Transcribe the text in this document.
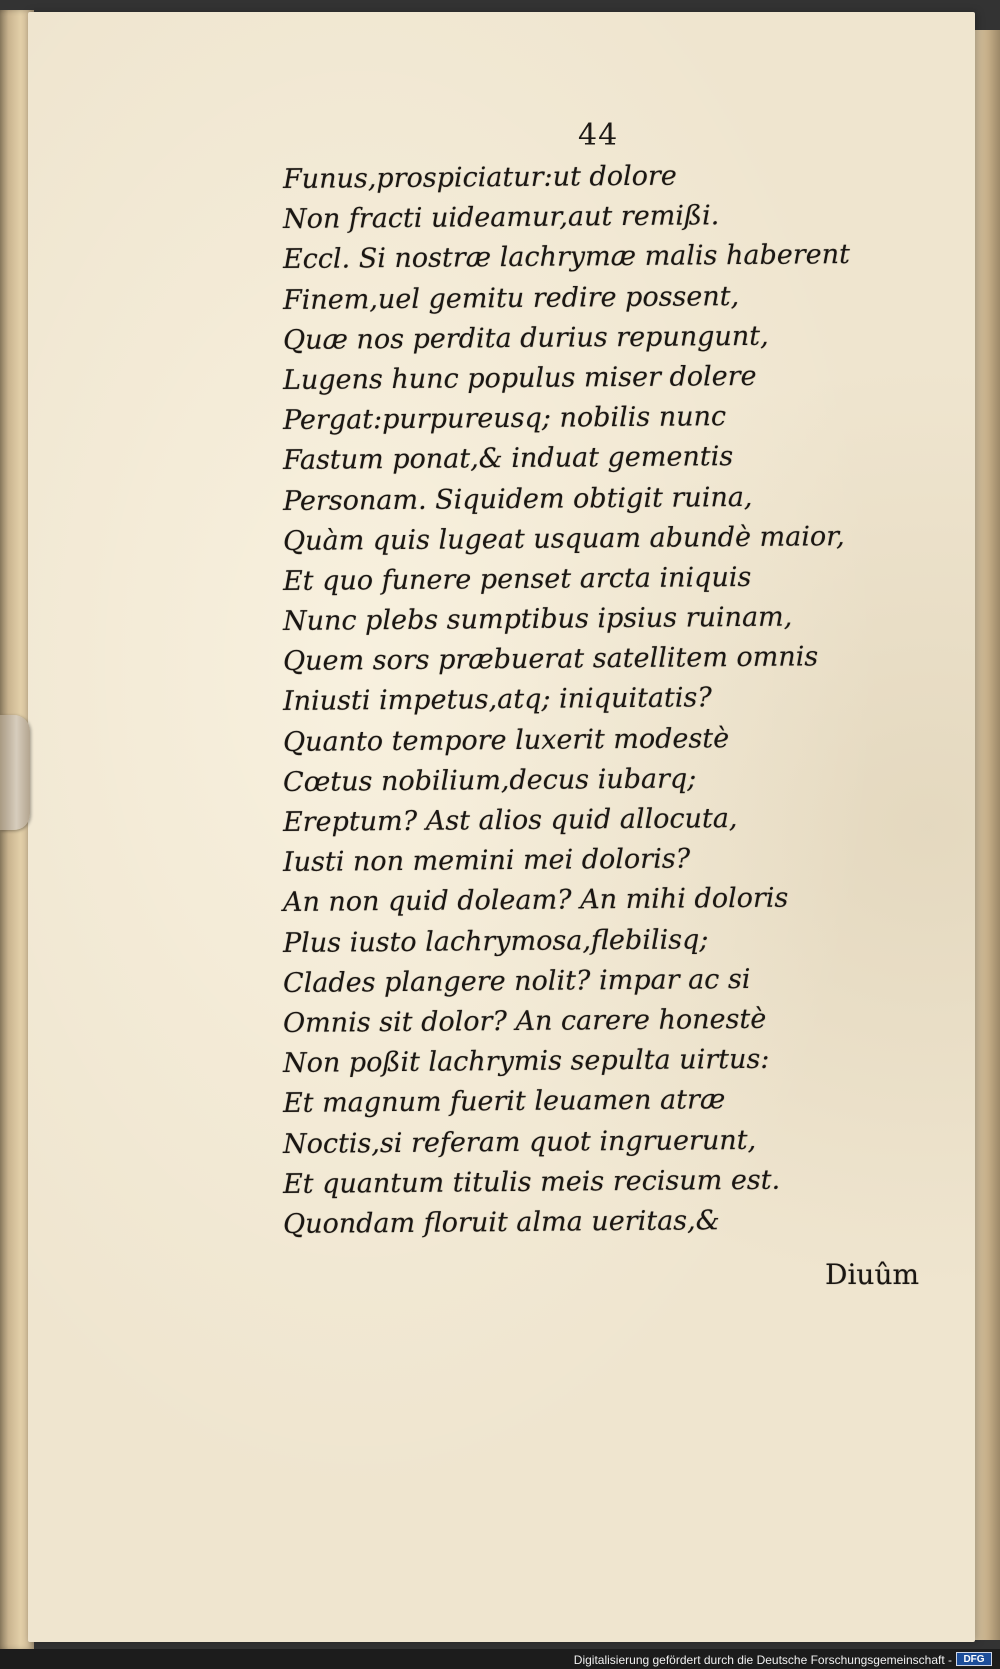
44
Funus,prospiciatur:ut dolore
Non fracti uideamur,aut remißi.
Eccl. Si nostræ lachrymæ malis haberent
Finem,uel gemitu redire possent,
Quæ nos perdita durius repungunt,
Lugens hunc populus miser dolere
Pergat:purpureusq; nobilis nunc
Fastum ponat,& induat gementis
Personam. Siquidem obtigit ruina,
Quàm quis lugeat usquam abundè maior,
Et quo funere penset arcta iniquis
Nunc plebs sumptibus ipsius ruinam,
Quem sors præbuerat satellitem omnis
Iniusti impetus,atq; iniquitatis?
Quanto tempore luxerit modestè
Cœtus nobilium,decus iubarq;
Ereptum? Ast alios quid allocuta,
Iusti non memini mei doloris?
An non quid doleam? An mihi doloris
Plus iusto lachrymosa,flebilisq;
Clades plangere nolit? impar ac si
Omnis sit dolor? An carere honestè
Non poßit lachrymis sepulta uirtus:
Et magnum fuerit leuamen atræ
Noctis,si referam quot ingruerunt,
Et quantum titulis meis recisum est.
Quondam floruit alma ueritas,&
Diuûm
Digitalisierung gefördert durch die Deutsche Forschungsgemeinschaft -	DFG
